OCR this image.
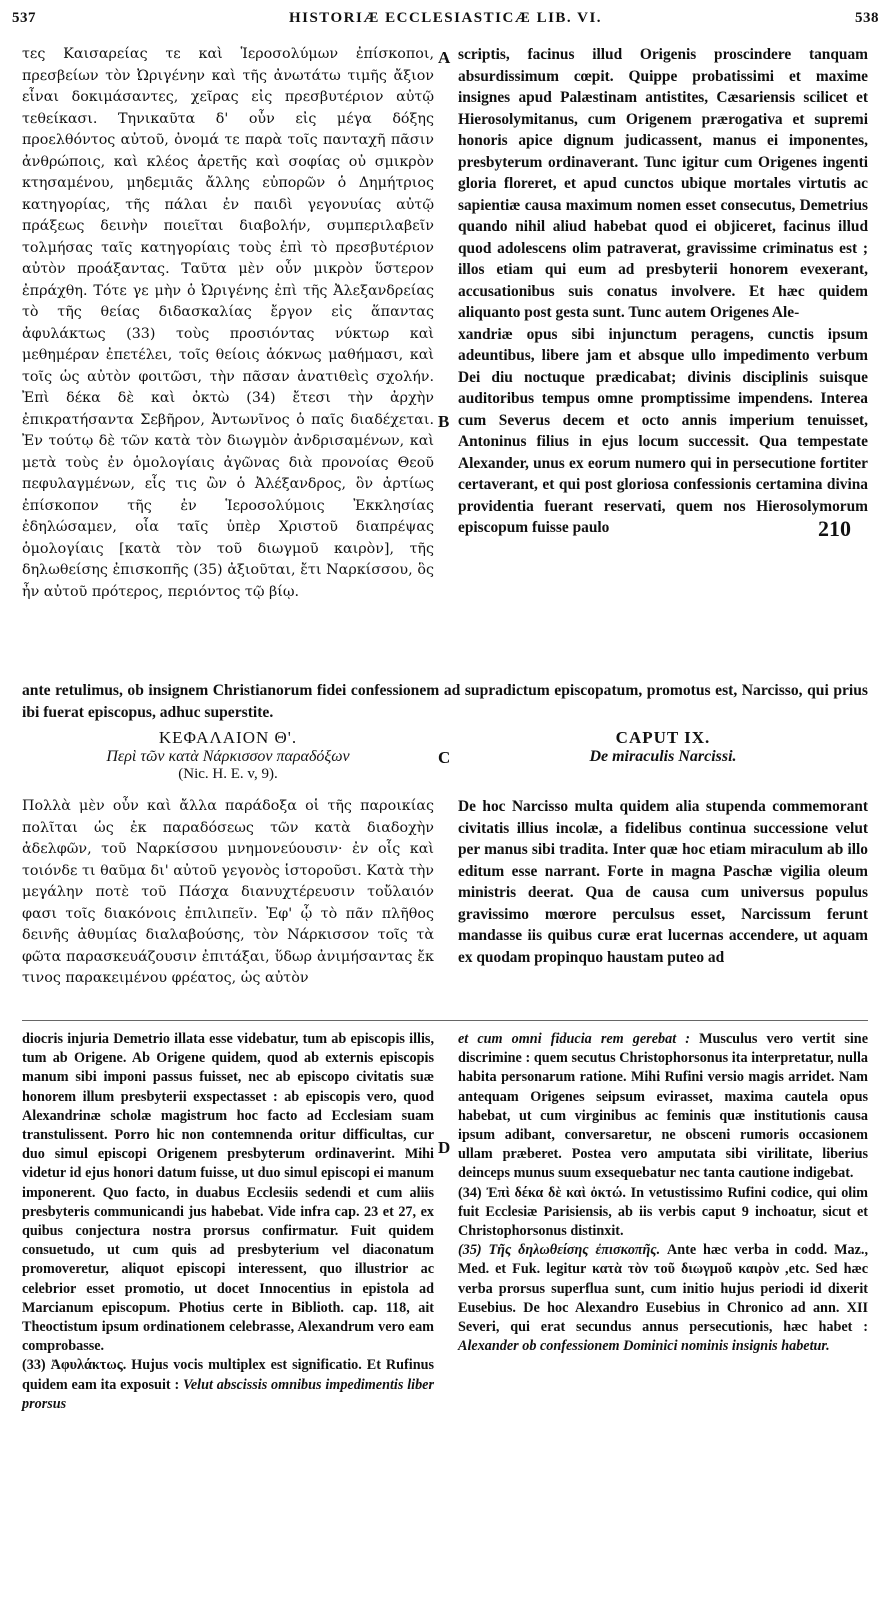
537	HISTORIÆ ECCLESIASTICÆ LIB. VI.	538

τες Καισαρείας τε καὶ Ἱεροσολύμων ἐπίσκοποι, πρεσβείων τὸν Ὠριγένην καὶ τῆς ἀνωτάτω τιμῆς ἄξιον εἶναι δοκιμάσαντες, χεῖρας εἰς πρεσβυτέριον αὐτῷ τεθείκασι. Τηνικαῦτα δ' οὖν εἰς μέγα δόξης προελθόντος αὐτοῦ, ὀνομά τε παρὰ τοῖς πανταχῆ πᾶσιν ἀνθρώποις, καὶ κλέος ἀρετῆς καὶ σοφίας οὐ σμικρὸν κτησαμένου, μηδεμιᾶς ἄλλης εὐπορῶν ὁ Δημήτριος κατηγορίας, τῆς πάλαι ἐν παιδὶ γεγονυίας αὐτῷ πράξεως δεινὴν ποιεῖται διαβολήν, συμπεριλαβεῖν τολμήσας ταῖς κατηγορίαις τοὺς ἐπὶ τὸ πρεσβυτέριον αὐτὸν προάξαντας. Ταῦτα μὲν οὖν μικρὸν ὕστερον ἐπράχθη. Τότε γε μὴν ὁ Ὠριγένης ἐπὶ τῆς Ἀλεξανδρείας τὸ τῆς θείας διδασκαλίας ἔργον εἰς ἅπαντας ἀφυλάκτως (33) τοὺς προσιόντας νύκτωρ καὶ μεθημέραν ἐπετέλει, τοῖς θείοις ἀόκνως μαθήμασι, καὶ τοῖς ὡς αὐτὸν φοιτῶσι, τὴν πᾶσαν ἀνατιθεὶς σχολήν. Ἐπὶ δέκα δὲ καὶ ὀκτὼ (34) ἔτεσι τὴν ἀρχὴν ἐπικρατήσαντα Σεβῆρον, Ἀντωνῖνος ὁ παῖς διαδέχεται. Ἐν τούτῳ δὲ τῶν κατὰ τὸν διωγμὸν ἀνδρισαμένων, καὶ μετὰ τοὺς ἐν ὁμολογίαις ἀγῶνας διὰ προνοίας Θεοῦ πεφυλαγμένων, εἷς τις ὢν ὁ Ἀλέξανδρος, ὃν ἀρτίως ἐπίσκοπον τῆς ἐν Ἱεροσολύμοις Ἐκκλησίας ἐδηλώσαμεν, οἷα ταῖς ὑπὲρ Χριστοῦ διαπρέψας ὁμολογίαις [κατὰ τὸν τοῦ διωγμοῦ καιρὸν], τῆς δηλωθείσης ἐπισκοπῆς (35) ἀξιοῦται, ἔτι Ναρκίσσου, ὃς ἦν αὐτοῦ πρότερος, περιόντος τῷ βίῳ.

scriptis, facinus illud Origenis proscindere tanquam absurdissimum cœpit. Quippe probatissimi et maxime insignes apud Palæstinam antistites, Cæsariensis scilicet et Hierosolymitanus, cum Origenem prærogativa et supremi honoris apice dignum judicassent, manus ei imponentes, presbyterum ordinaverant. Tunc igitur cum Origenes ingenti gloria floreret, et apud cunctos ubique mortales virtutis ac sapientiæ causa maximum nomen esset consecutus, Demetrius quando nihil aliud habebat quod ei objiceret, facinus illud quod adolescens olim patraverat, gravissime criminatus est ; illos etiam qui eum ad presbyterii honorem evexerant, accusationibus suis conatus involvere. Et hæc quidem aliquanto post gesta sunt. Tunc autem Origenes Ale-

xandriæ opus sibi injunctum peragens, cunctis ipsum adeuntibus, libere jam et absque ullo impedimento verbum Dei diu noctuque prædicabat; divinis disciplinis suisque auditoribus tempus omne promptissime impendens. Interea cum Severus decem et octo annis imperium tenuisset, Antoninus filius in ejus locum successit. Qua tempestate Alexander, unus ex eorum numero qui in persecutione fortiter certaverant, et qui post gloriosa confessionis certamina divina providentia fuerant reservati, quem nos Hierosolymorum episcopum fuisse paulo

A
B
210
ante retulimus, ob insignem Christianorum fidei confessionem ad supradictum episcopatum, promotus est, Narcisso, qui prius ibi fuerat episcopus, adhuc superstite.
ΚΕΦΑΛΑΙΟΝ Θ'.
Περὶ τῶν κατὰ Νάρκισσον παραδόξων
(Nic. H. E. v, 9).
C
CAPUT IX.
De miraculis Narcissi.

Πολλὰ μὲν οὖν καὶ ἄλλα παράδοξα οἱ τῆς παροικίας πολῖται ὡς ἐκ παραδόσεως τῶν κατὰ διαδοχὴν ἀδελφῶν, τοῦ Ναρκίσσου μνημονεύουσιν· ἐν οἷς καὶ τοιόνδε τι θαῦμα δι' αὐτοῦ γεγονὸς ἱστοροῦσι. Κατὰ τὴν μεγάλην ποτὲ τοῦ Πάσχα διανυχτέρευσιν τοὔλαιόν φασι τοῖς διακόνοις ἐπιλιπεῖν. Ἐφ' ᾧ τὸ πᾶν πλῆθος δεινῆς ἀθυμίας διαλαβούσης, τὸν Νάρκισσον τοῖς τὰ φῶτα παρασκευάζουσιν ἐπιτάξαι, ὕδωρ ἀνιμήσαντας ἔκ τινος παρακειμένου φρέατος, ὡς αὐτὸν

De hoc Narcisso multa quidem alia stupenda commemorant civitatis illius incolæ, a fidelibus continua successione velut per manus sibi tradita. Inter quæ hoc etiam miraculum ab illo editum esse narrant. Forte in magna Paschæ vigilia oleum ministris deerat. Qua de causa cum universus populus gravissimo mœrore perculsus esset, Narcissum ferunt mandasse iis quibus curæ erat lucernas accendere, ut aquam ex quodam propinquo haustam puteo ad

diocris injuria Demetrio illata esse videbatur, tum ab episcopis illis, tum ab Origene. Ab Origene quidem, quod ab externis episcopis manum sibi imponi passus fuisset, nec ab episcopo civitatis suæ honorem illum presbyterii exspectasset : ab episcopis vero, quod Alexandrinæ scholæ magistrum hoc facto ad Ecclesiam suam transtulissent. Porro hic non contemnenda oritur difficultas, cur duo simul episcopi Origenem presbyterum ordinaverint. Mihi videtur id ejus honori datum fuisse, ut duo simul episcopi ei manum imponerent. Quo facto, in duabus Ecclesiis sedendi et cum aliis presbyteris communicandi jus habebat. Vide infra cap. 23 et 27, ex quibus conjectura nostra prorsus confirmatur. Fuit quidem consuetudo, ut cum quis ad presbyterium vel diaconatum promoveretur, aliquot episcopi interessent, quo illustrior ac celebrior esset promotio, ut docet Innocentius in epistola ad Marcianum episcopum. Photius certe in Biblioth. cap. 118, ait Theoctistum ipsum ordinationem celebrasse, Alexandrum vero eam comprobasse.

(33) Ἀφυλάκτως. Hujus vocis multiplex est significatio. Et Rufinus quidem eam ita exposuit : Velut abscissis omnibus impedimentis liber prorsus

D

et cum omni fiducia rem gerebat : Musculus vero vertit sine discrimine : quem secutus Christophorsonus ita interpretatur, nulla habita personarum ratione. Mihi Rufini versio magis arridet. Nam antequam Origenes seipsum evirasset, maxima cautela opus habebat, ut cum virginibus ac feminis quæ institutionis causa ipsum adibant, conversaretur, ne obsceni rumoris occasionem ullam præberet. Postea vero amputata sibi virilitate, liberius deinceps munus suum exsequebatur nec tanta cautione indigebat.

(34) Ἐπὶ δέκα δὲ καὶ ὀκτώ. In vetustissimo Rufini codice, qui olim fuit Ecclesiæ Parisiensis, ab iis verbis caput 9 inchoatur, sicut et Christophorsonus distinxit.

(35) Τῆς δηλωθείσης ἐπισκοπῆς. Ante hæc verba in codd. Maz., Med. et Fuk. legitur κατὰ τὸν τοῦ διωγμοῦ καιρὸν ,etc. Sed hæc verba prorsus superflua sunt, cum initio hujus periodi id dixerit Eusebius. De hoc Alexandro Eusebius in Chronico ad ann. XII Severi, qui erat secundus annus persecutionis, hæc habet : Alexander ob confessionem Dominici nominis insignis habetur.
